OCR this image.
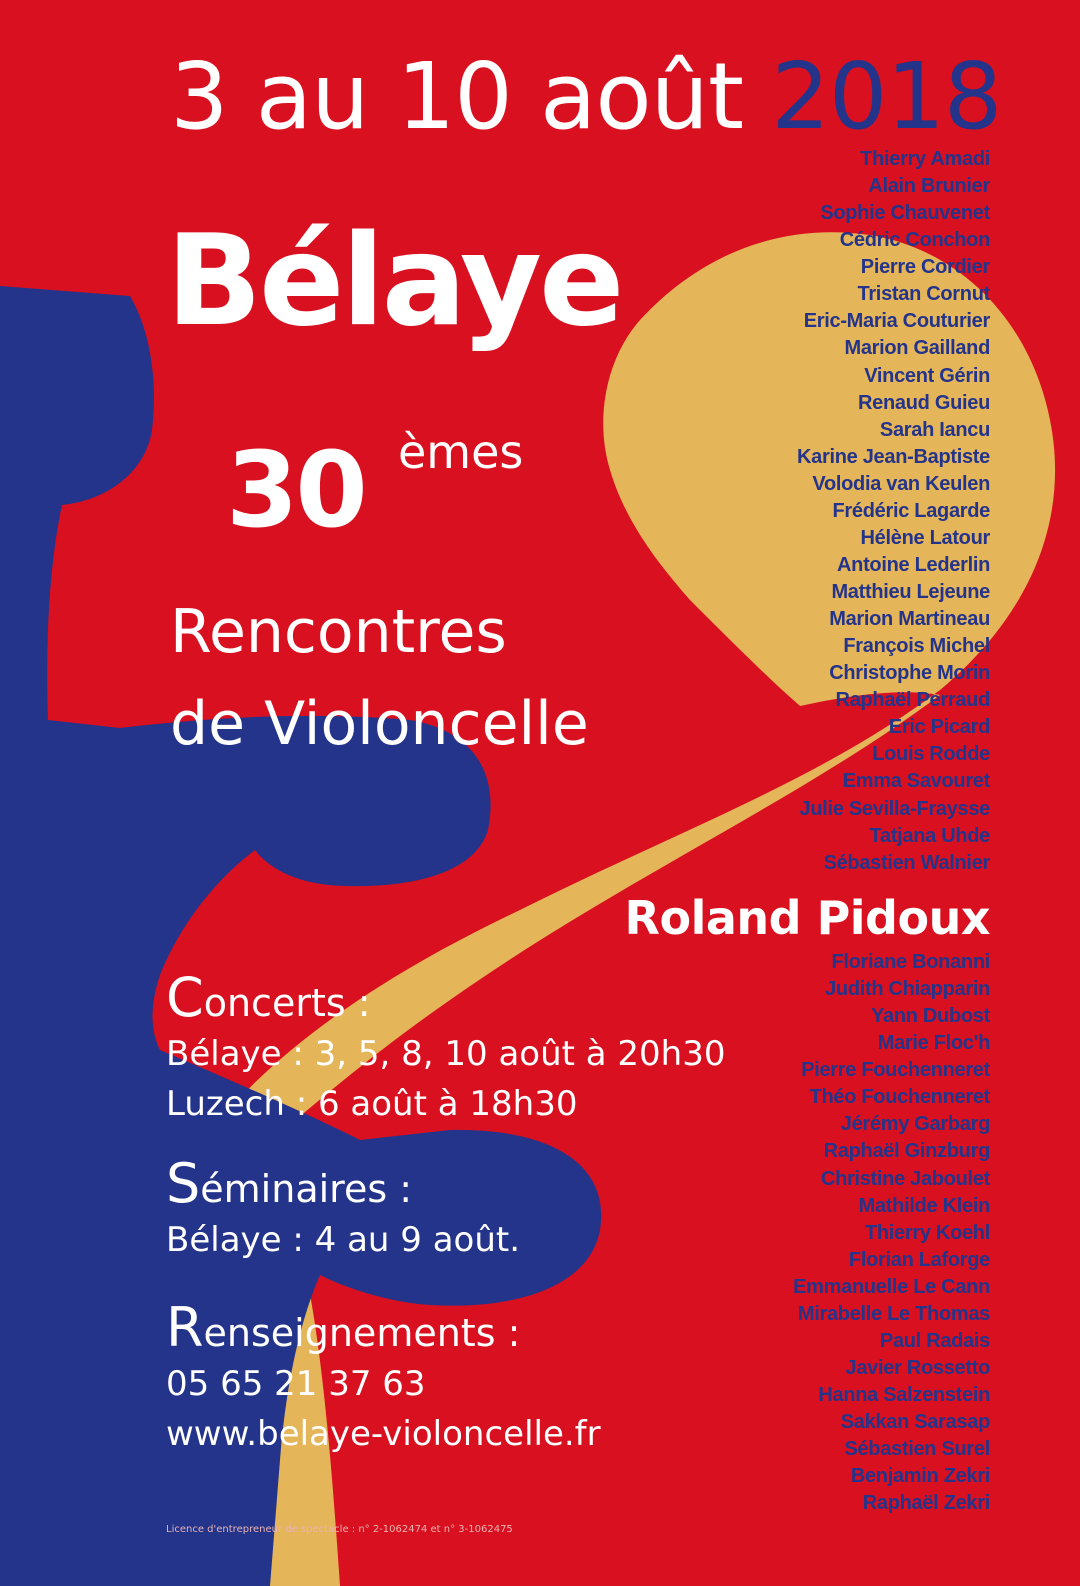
3 au 10 août 2018
Bélaye
30 èmes
Rencontres
de Violoncelle
Thierry Amadi
Alain Brunier
Sophie Chauvenet
Cédric Conchon
Pierre Cordier
Tristan Cornut
Eric-Maria Couturier
Marion Gailland
Vincent Gérin
Renaud Guieu
Sarah Iancu
Karine Jean-Baptiste
Volodia van Keulen
Frédéric Lagarde
Hélène Latour
Antoine Lederlin
Matthieu Lejeune
Marion Martineau
François Michel
Christophe Morin
Raphaël Perraud
Eric Picard
Louis Rodde
Emma Savouret
Julie Sevilla-Fraysse
Tatjana Uhde
Sébastien Walnier
Roland Pidoux
Floriane Bonanni
Judith Chiapparin
Yann Dubost
Marie Floc'h
Pierre Fouchenneret
Théo Fouchenneret
Jérémy Garbarg
Raphaël Ginzburg
Christine Jaboulet
Mathilde Klein
Thierry Koehl
Florian Laforge
Emmanuelle Le Cann
Mirabelle Le Thomas
Paul Radais
Javier Rossetto
Hanna Salzenstein
Sakkan Sarasap
Sébastien Surel
Benjamin Zekri
Raphaël Zekri
Concerts :
Bélaye : 3, 5, 8, 10 août à 20h30
Luzech : 6 août à 18h30
Séminaires :
Bélaye : 4 au 9 août.
Renseignements :
05 65 21 37 63
www.belaye-violoncelle.fr
Licence d'entrepreneur de spectacle : n° 2-1062474 et n° 3-1062475
